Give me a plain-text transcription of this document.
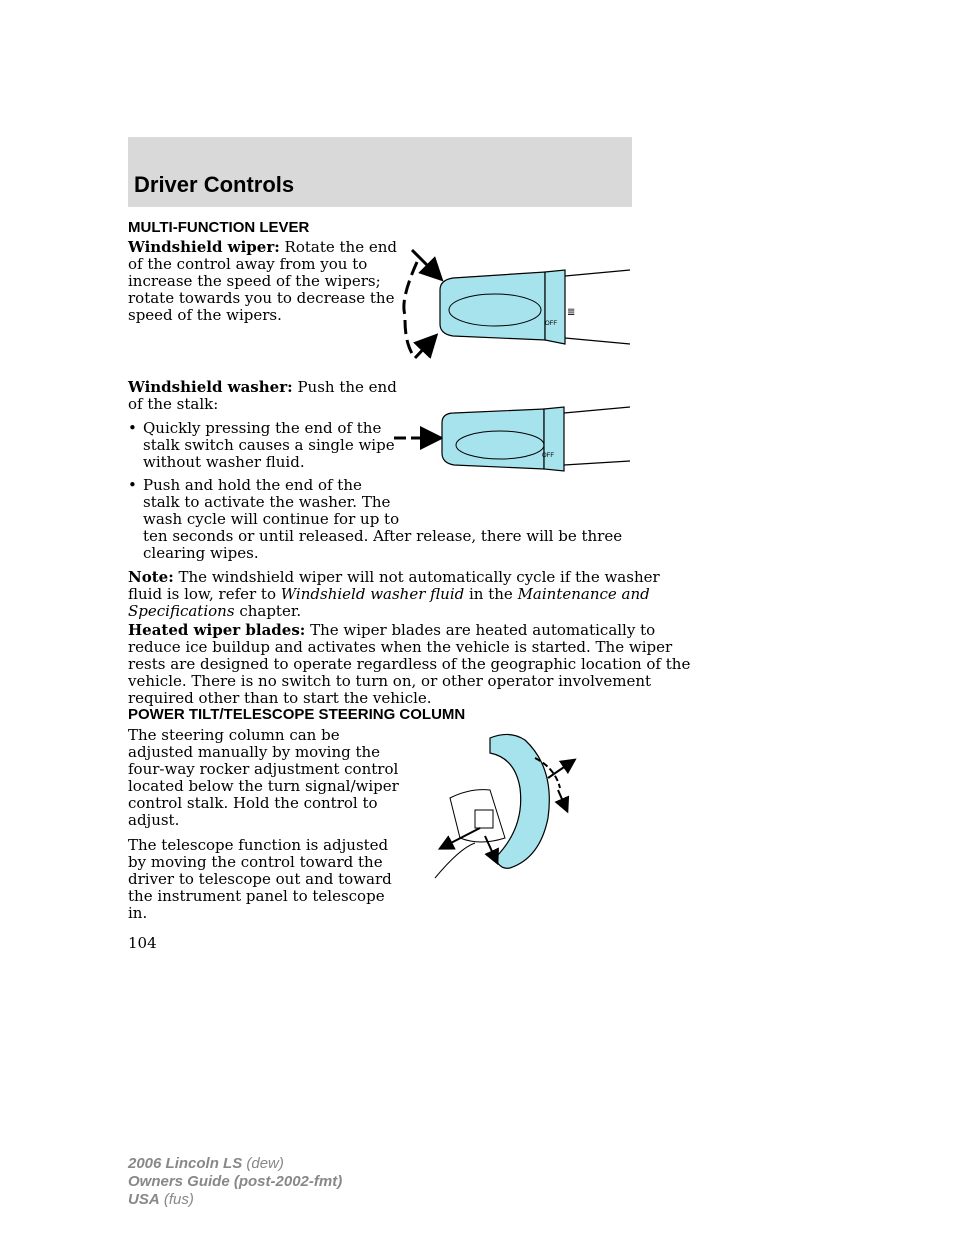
Driver Controls
MULTI-FUNCTION LEVER
Windshield wiper: Rotate the end
of the control away from you to
increase the speed of the wipers;
rotate towards you to decrease the
speed of the wipers.
Windshield washer: Push the end
of the stalk:
• Quickly pressing the end of the
stalk switch causes a single wipe
without washer fluid.
• Push and hold the end of the
stalk to activate the washer. The
wash cycle will continue for up to
ten seconds or until released. After release, there will be three
clearing wipes.
Note: The windshield wiper will not automatically cycle if the washer
fluid is low, refer to Windshield washer fluid in the Maintenance and
Specifications chapter.
Heated wiper blades: The wiper blades are heated automatically to
reduce ice buildup and activates when the vehicle is started. The wiper
rests are designed to operate regardless of the geographic location of the
vehicle. There is no switch to turn on, or other operator involvement
required other than to start the vehicle.
POWER TILT/TELESCOPE STEERING COLUMN
The steering column can be
adjusted manually by moving the
four-way rocker adjustment control
located below the turn signal/wiper
control stalk. Hold the control to
adjust.
The telescope function is adjusted
by moving the control toward the
driver to telescope out and toward
the instrument panel to telescope
in.
104
2006 Lincoln LS (dew)
Owners Guide (post-2002-fmt)
USA (fus)
OFF
≣
OFF
